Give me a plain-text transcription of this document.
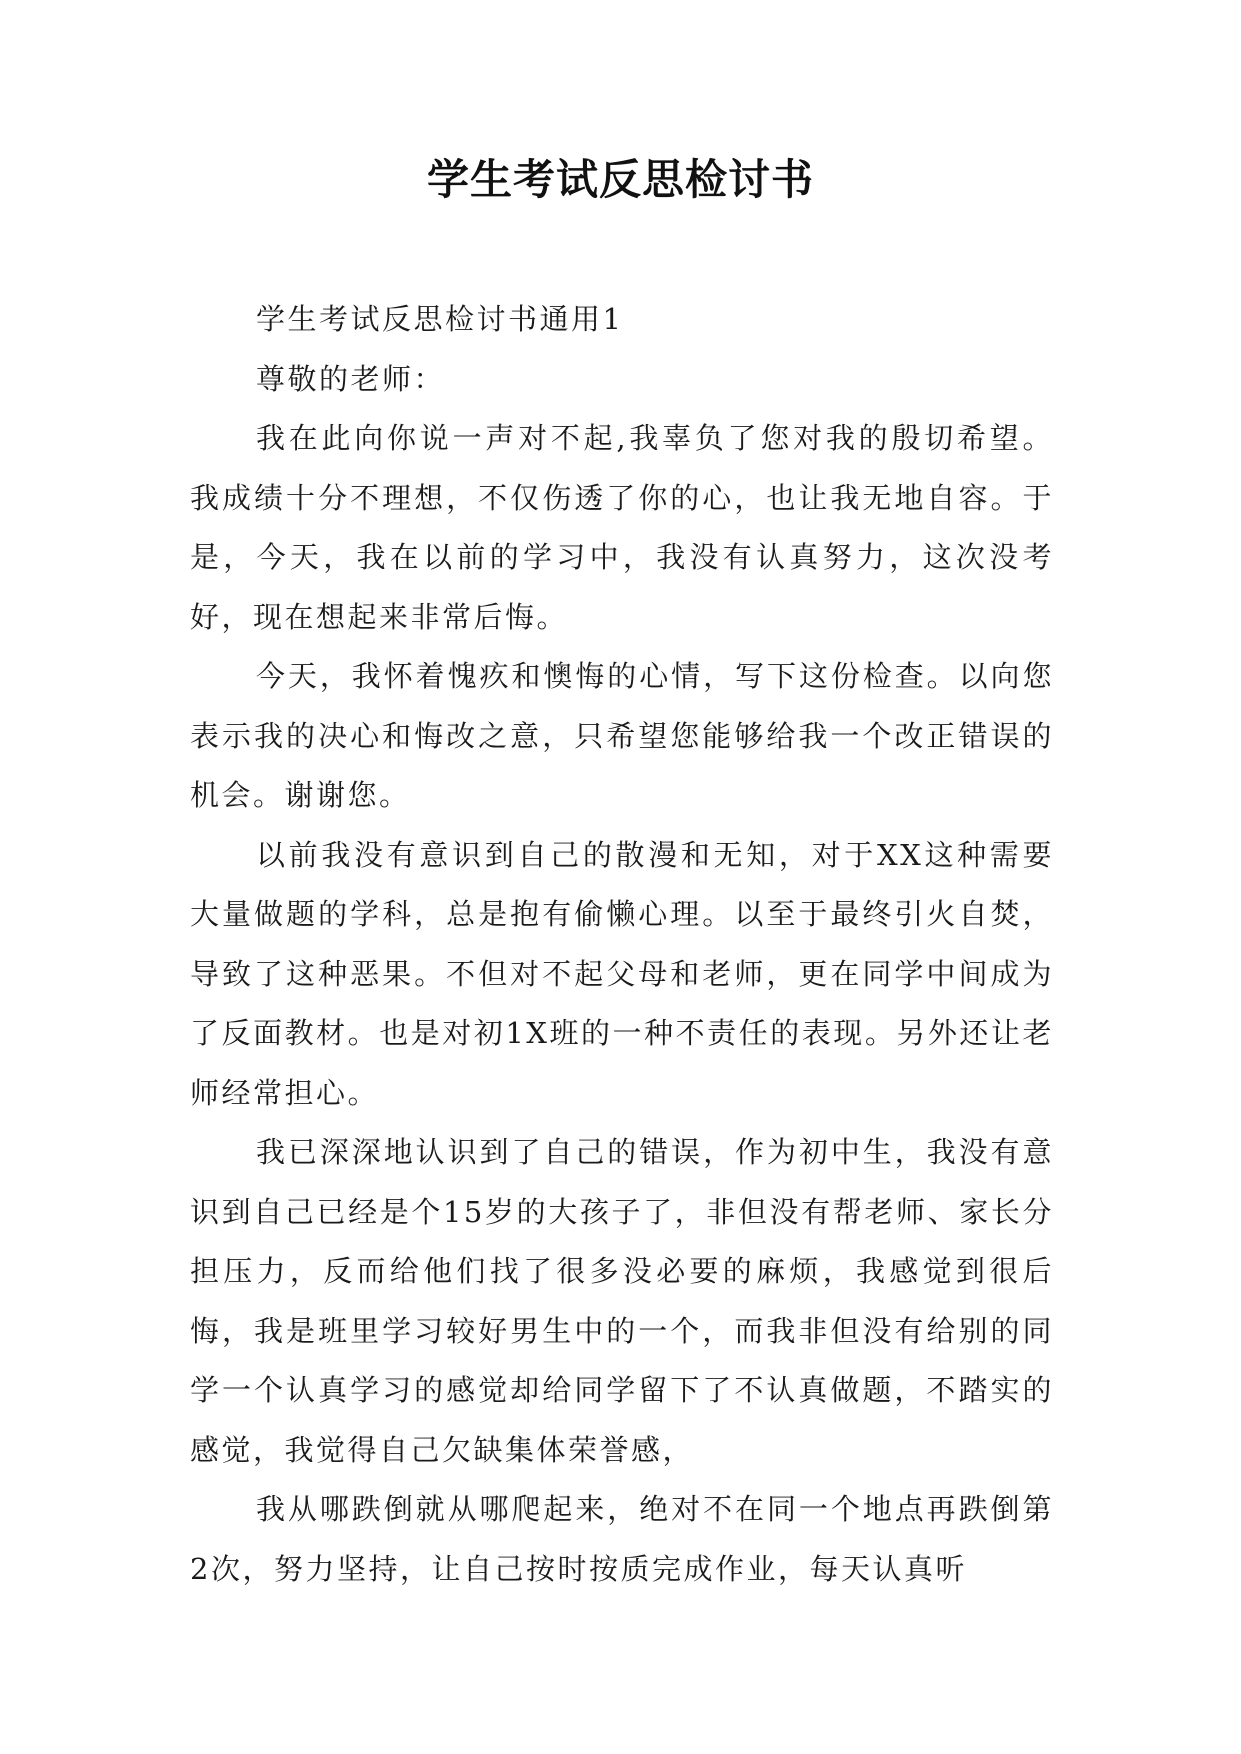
学生考试反思检讨书

学生考试反思检讨书通用1

尊敬的老师：

我在此向你说一声对不起,我辜负了您对我的殷切希望。我成绩十分不理想，不仅伤透了你的心，也让我无地自容。于是，今天，我在以前的学习中，我没有认真努力，这次没考好，现在想起来非常后悔。

今天，我怀着愧疚和懊悔的心情，写下这份检查。以向您表示我的决心和悔改之意，只希望您能够给我一个改正错误的机会。谢谢您。

以前我没有意识到自己的散漫和无知，对于XX这种需要大量做题的学科，总是抱有偷懒心理。以至于最终引火自焚，导致了这种恶果。不但对不起父母和老师，更在同学中间成为了反面教材。也是对初1X班的一种不责任的表现。另外还让老师经常担心。

我已深深地认识到了自己的错误，作为初中生，我没有意识到自己已经是个15岁的大孩子了，非但没有帮老师、家长分担压力，反而给他们找了很多没必要的麻烦，我感觉到很后悔，我是班里学习较好男生中的一个，而我非但没有给别的同学一个认真学习的感觉却给同学留下了不认真做题，不踏实的感觉，我觉得自己欠缺集体荣誉感，

我从哪跌倒就从哪爬起来，绝对不在同一个地点再跌倒第2次，努力坚持，让自己按时按质完成作业，每天认真听
